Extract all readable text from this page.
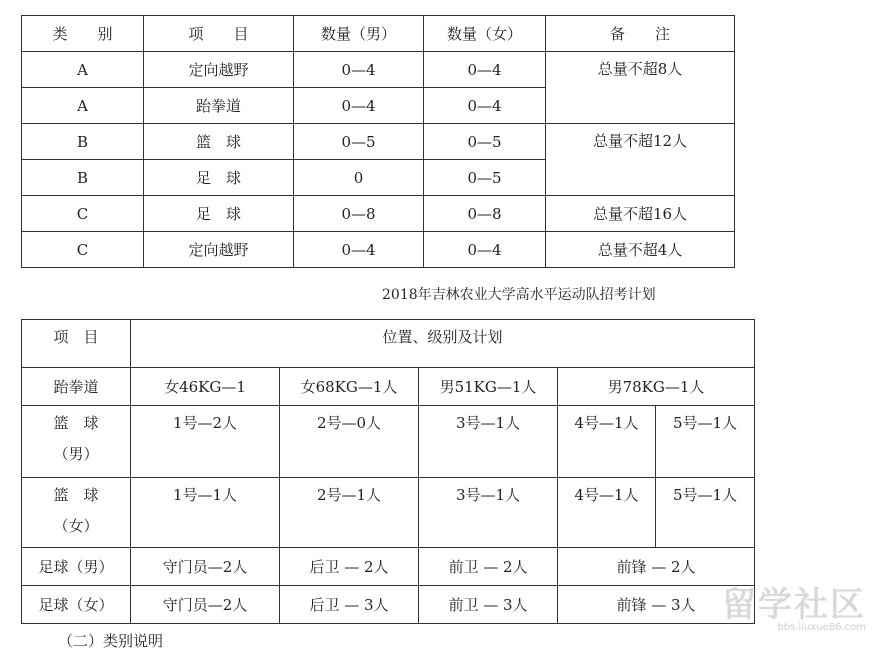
类　　别	项　　目	数量（男）	数量（女）	备　　注
A	定向越野	0—4	0—4	总量不超8人
A	跆拳道	0—4	0—4	
B	篮　球	0—5	0—5	总量不超12人
B	足　球	0	0—5	
C	足　球	0—8	0—8	总量不超16人
C	定向越野	0—4	0—4	总量不超4人
2018年吉林农业大学高水平运动队招考计划
项　目	位置、级别及计划				
跆拳道	女46KG—1	女68KG—1人	男51KG—1人	男78KG—1人	

篮　球
（男）	1号—2人	2号—0人	3号—1人	4号—1人	5号—1人

篮　球
（女）	1号—1人	2号—1人	3号—1人	4号—1人	5号—1人
足球（男）	守门员—2人	后卫 — 2人	前卫 — 2人	前锋 — 2人	
足球（女）	守门员—2人	后卫 — 3人	前卫 — 3人	前锋 — 3人	
（二）类别说明
留学社区
bbs.liuxue86.com
